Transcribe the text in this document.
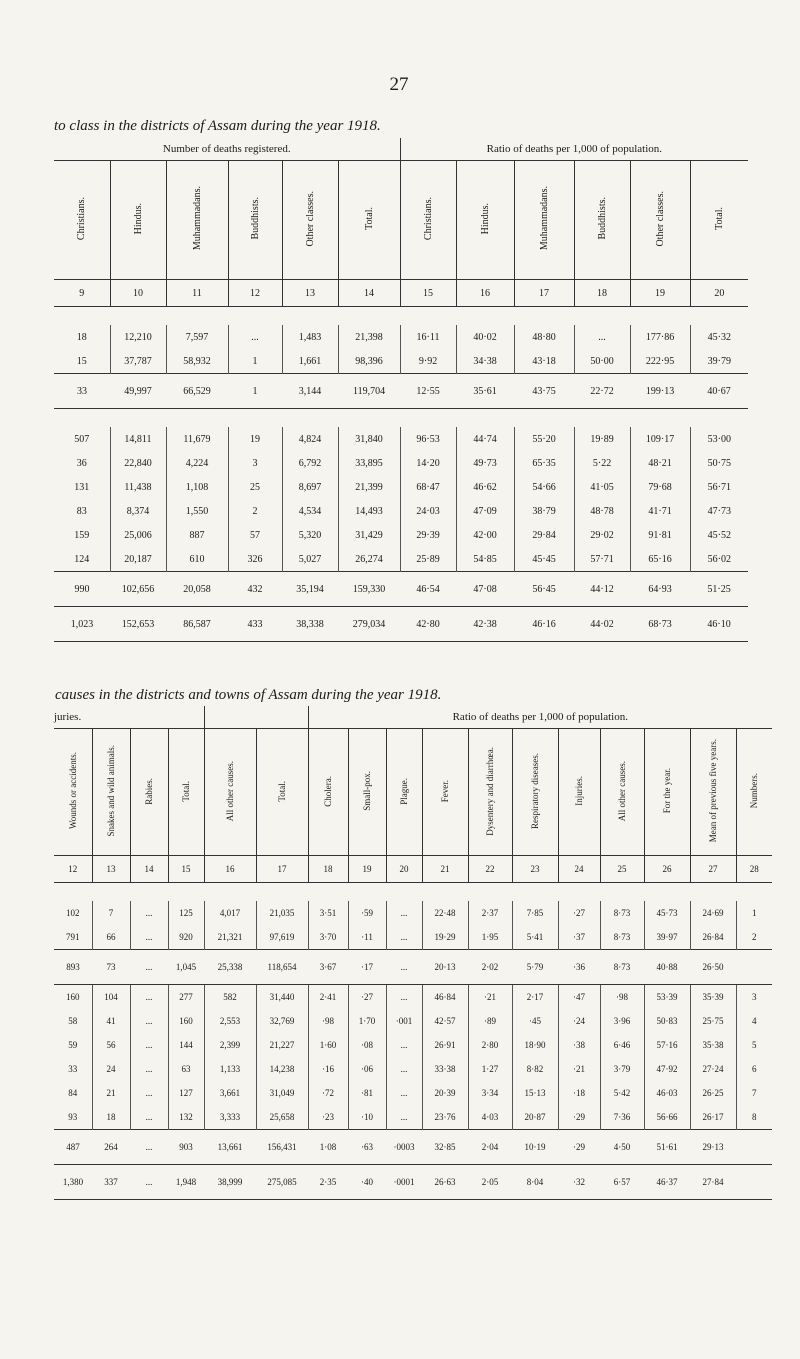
27
to class in the districts of Assam during the year 1918.
causes in the districts and towns of Assam during the year 1918.
Number of deaths registered.						Ratio of deaths per 1,000 of population.					
Christians.	Hindus.	Muhammadans.	Buddhists.	Other classes.	Total.	Christians.	Hindus.	Muhammadans.	Buddhists.	Other classes.	Total.
9	10	11	12	13	14	15	16	17	18	19	20

18	12,210	7,597	...	1,483	21,398	16·11	40·02	48·80	...	177·86	45·32
15	37,787	58,932	1	1,661	98,396	9·92	34·38	43·18	50·00	222·95	39·79
33	49,997	66,529	1	3,144	119,704	12·55	35·61	43·75	22·72	199·13	40·67

507	14,811	11,679	19	4,824	31,840	96·53	44·74	55·20	19·89	109·17	53·00
36	22,840	4,224	3	6,792	33,895	14·20	49·73	65·35	5·22	48·21	50·75
131	11,438	1,108	25	8,697	21,399	68·47	46·62	54·66	41·05	79·68	56·71
83	8,374	1,550	2	4,534	14,493	24·03	47·09	38·79	48·78	41·71	47·73
159	25,006	887	57	5,320	31,429	29·39	42·00	29·84	29·02	91·81	45·52
124	20,187	610	326	5,027	26,274	25·89	54·85	45·45	57·71	65·16	56·02
990	102,656	20,058	432	35,194	159,330	46·54	47·08	56·45	44·12	64·93	51·25
1,023	152,653	86,587	433	38,338	279,034	42·80	42·38	46·16	44·02	68·73	46·10
juries.						Ratio of deaths per 1,000 of population.										
Wounds or accidents.	Snakes and wild animals.	Rabies.	Total.	All other causes.	Total.	Cholera.	Small-pox.	Plague.	Fever.	Dysentery and diarrhœa.	Respiratory diseases.	Injuries.	All other causes.	For the year.	Mean of previous five years.	Numbers.
12	13	14	15	16	17	18	19	20	21	22	23	24	25	26	27	28

102	7	...	125	4,017	21,035	3·51	·59	...	22·48	2·37	7·85	·27	8·73	45·73	24·69	1
791	66	...	920	21,321	97,619	3·70	·11	...	19·29	1·95	5·41	·37	8·73	39·97	26·84	2
893	73	...	1,045	25,338	118,654	3·67	·17	...	20·13	2·02	5·79	·36	8·73	40·88	26·50	
160	104	...	277	582	31,440	2·41	·27	...	46·84	·21	2·17	·47	·98	53·39	35·39	3
58	41	...	160	2,553	32,769	·98	1·70	·001	42·57	·89	·45	·24	3·96	50·83	25·75	4
59	56	...	144	2,399	21,227	1·60	·08	...	26·91	2·80	18·90	·38	6·46	57·16	35·38	5
33	24	...	63	1,133	14,238	·16	·06	...	33·38	1·27	8·82	·21	3·79	47·92	27·24	6
84	21	...	127	3,661	31,049	·72	·81	...	20·39	3·34	15·13	·18	5·42	46·03	26·25	7
93	18	...	132	3,333	25,658	·23	·10	...	23·76	4·03	20·87	·29	7·36	56·66	26·17	8
487	264	...	903	13,661	156,431	1·08	·63	·0003	32·85	2·04	10·19	·29	4·50	51·61	29·13	
1,380	337	...	1,948	38,999	275,085	2·35	·40	·0001	26·63	2·05	8·04	·32	6·57	46·37	27·84	
